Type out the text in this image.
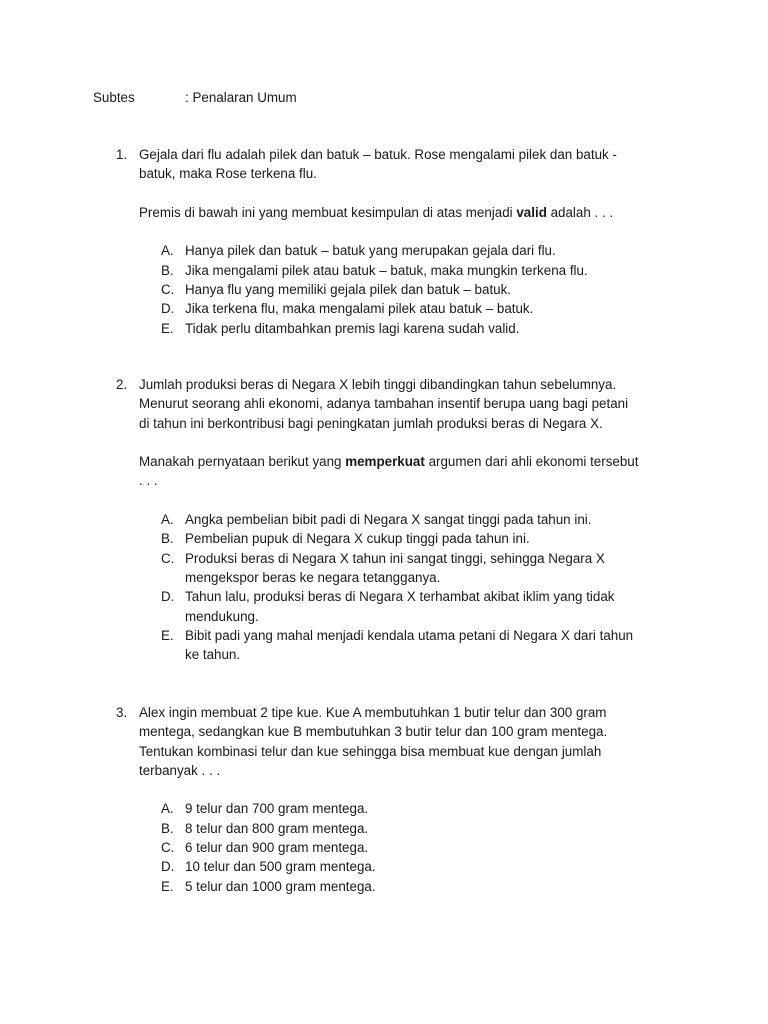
Subtes	: Penalaran Umum
1. Gejala dari flu adalah pilek dan batuk – batuk. Rose mengalami pilek dan batuk -
batuk, maka Rose terkena flu.
Premis di bawah ini yang membuat kesimpulan di atas menjadi valid adalah . . .
A. Hanya pilek dan batuk – batuk yang merupakan gejala dari flu.
B. Jika mengalami pilek atau batuk – batuk, maka mungkin terkena flu.
C. Hanya flu yang memiliki gejala pilek dan batuk – batuk.
D. Jika terkena flu, maka mengalami pilek atau batuk – batuk.
E. Tidak perlu ditambahkan premis lagi karena sudah valid.
2. Jumlah produksi beras di Negara X lebih tinggi dibandingkan tahun sebelumnya.
Menurut seorang ahli ekonomi, adanya tambahan insentif berupa uang bagi petani
di tahun ini berkontribusi bagi peningkatan jumlah produksi beras di Negara X.
Manakah pernyataan berikut yang memperkuat argumen dari ahli ekonomi tersebut
. . .
A. Angka pembelian bibit padi di Negara X sangat tinggi pada tahun ini.
B. Pembelian pupuk di Negara X cukup tinggi pada tahun ini.
C. Produksi beras di Negara X tahun ini sangat tinggi, sehingga Negara X
mengekspor beras ke negara tetangganya.
D. Tahun lalu, produksi beras di Negara X terhambat akibat iklim yang tidak
mendukung.
E. Bibit padi yang mahal menjadi kendala utama petani di Negara X dari tahun
ke tahun.
3. Alex ingin membuat 2 tipe kue. Kue A membutuhkan 1 butir telur dan 300 gram
mentega, sedangkan kue B membutuhkan 3 butir telur dan 100 gram mentega.
Tentukan kombinasi telur dan kue sehingga bisa membuat kue dengan jumlah
terbanyak . . .
A. 9 telur dan 700 gram mentega.
B. 8 telur dan 800 gram mentega.
C. 6 telur dan 900 gram mentega.
D. 10 telur dan 500 gram mentega.
E. 5 telur dan 1000 gram mentega.
